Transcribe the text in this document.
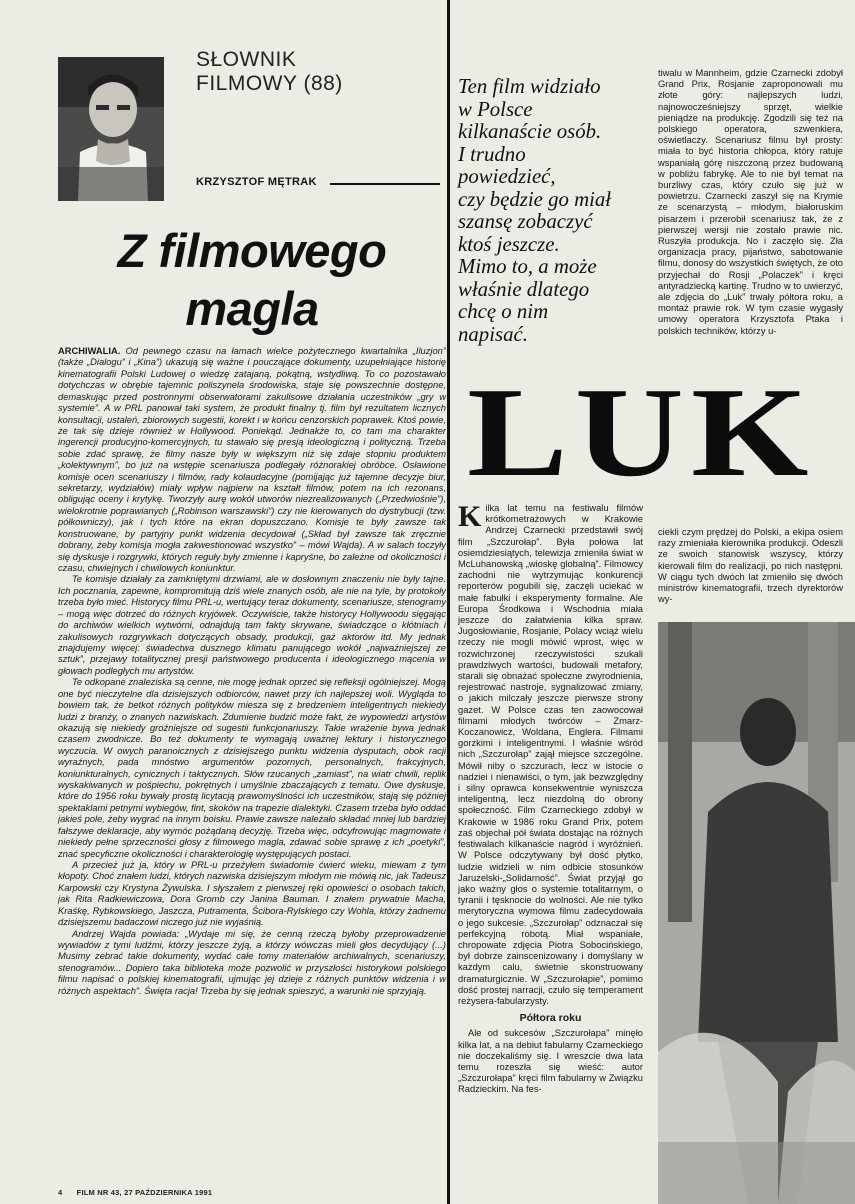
SŁOWNIK
FILMOWY (88)
KRZYSZTOF MĘTRAK
Z filmowego
magla

ARCHIWALIA. Od pewnego czasu na łamach wielce pożytecznego kwartalnika „Iluzjon” (także „Dialogu” i „Kina”) ukazują się ważne i pouczające dokumenty, uzupełniające historię kinematografii Polski Ludowej o wiedzę zatajaną, pokątną, wstydliwą. To co pozostawało dotychczas w obrębie tajemnic poliszynela środowiska, staje się powszechnie dostępne, demaskując przed postronnymi obserwatorami zakulisowe działania uczestników „gry w systemie”. A w PRL panował taki system, że produkt finalny tj. film był rezultatem licznych konsultacji, ustaleń, zbiorowych sugestii, korekt i w końcu cenzorskich poprawek. Ktoś powie, że tak się dzieje również w Hollywood. Poniekąd. Jednakże to, co tam ma charakter ingerencji producyjno-komercyjnych, tu stawało się presją ideologiczną i polityczną. Trzeba sobie zdać sprawę, że filmy nasze były w większym niż się zdaje stopniu produktem „kolektywnym”, bo już na wstępie scenariusza podlegały różnorakiej obróbce. Osławione komisje ocen scenariuszy i filmów, rady kolaudacyjne (pomijając już tajemne decyzje biur, sekretarzy, wydziałów) miały wpływ najpierw na kształt filmów, potem na ich rezonans, obligując oceny i krytykę. Tworzyły aurę wokół utworów niezrealizowanych („Przedwiośnie”), wielokrotnie poprawianych („Robinson warszawski”) czy nie kierowanych do dystrybucji (tzw. półkowniczy), jak i tych które na ekran dopuszczano. Komisje te były zawsze tak konstruowane, by partyjny punkt widzenia decydował („Skład był zawsze tak zręcznie dobrany, żeby komisja mogła zakwestionować wszystko” – mówi Wajda). A w salach toczyły się dyskusje i rozgrywki, których reguły były zmienne i kapryśne, bo zależne od okoliczności i czasu, chwiejnych i chwilowych koniunktur.

Te komisje działały za zamkniętymi drzwiami, ale w dosłownym znaczeniu nie były tajne. Ich pocznania, zapewne, kompromitują dziś wiele znanych osób, ale nie na tyle, by protokoły trzeba było mieć. Historycy filmu PRL-u, wertujący teraz dokumenty, scenariusze, stenogramy – mogą więc dotrzeć do różnych kryjówek. Oczywiście, także historycy Hollywoodu sięgając do archiwów wielkich wytwórni, odnajdują tam fakty skrywane, świadczące o kłótniach i zakulisowych rozgrywkach dotyczących obsady, produkcji, gaż aktorów itd. My jednak znajdujemy więcej: świadectwa dusznego klimatu panującego wokół „najważniejszej ze sztuk”, przejawy totalitycznej presji państwowego producenta i ideologicznego mącenia w głowach podległych mu artystów.

Te odkopane znaleziska są cenne, nie mogę jednak oprzeć się refleksji ogólniejszej. Mogą one być nieczytelne dla dzisiejszych odbiorców, nawet przy ich najlepszej woli. Wygląda to bowiem tak, że betkot różnych polityków miesza się z bredzeniem inteligentnych niekiedy ludzi z branży, o znanych nazwiskach. Zdumienie budzić może fakt, że wypowiedzi artystów okazują się niekiedy groźniejsze od sugestii funkcjonariuszy. Takie wrażenie bywa jednak czasem zwodnicze. Bo też dokumenty te wymagają uważnej lektury i historycznego wyczucia. W owych paranoicznych z dzisiejszego punktu widzenia dysputach, obok racji wyraźnych, pada mnóstwo argumentów pozornych, personalnych, frakcyjnych, koniunkturalnych, cynicznych i taktycznych. Słów rzucanych „zamiast”, na wiatr chwili, replik wyskakiwanych w pośpiechu, pokrętnych i umyślnie zbaczających z tematu. Owe dyskusje, które do 1956 roku bywały prostą licytacją prawomyślności ich uczestników, stają się później spektaklami petnymi wybiegów, fint, skoków na trapezie dialektyki. Czasem trzeba było oddać jakieś pole, żeby wygrać na innym boisku. Prawie zawsze należało składać mniej lub bardziej fałszywe deklaracje, aby wymóc pożądaną decyzję. Trzeba więc, odcyfrowując magmowate i niekiedy pełne sprzeczności głosy z filmowego magla, zdawać sobie sprawę z ich „poetyki”, znać specyficzne okoliczności i charakterologię występujących postaci.

A przecież już ja, który w PRL-u przeżyłem świadomie ćwierć wieku, miewam z tym kłopoty. Choć znałem ludzi, których nazwiska dzisiejszym młodym nie mówią nic, jak Tadeusz Karpowski czy Krystyna Żywulska. I słyszałem z pierwszej ręki opowieści o osobach takich, jak Rita Radkiewiczowa, Dora Gromb czy Janina Bauman. I znałem prywatnie Macha, Kraśkę, Rybkowskiego, Jaszcza, Putramenta, Ścibora-Rylskiego czy Wohla, którzy żadnemu dzisiejszemu badaczowi niczego już nie wyjaśnią.

Andrzej Wajda powiada: „Wydaje mi się, że cenną rzeczą byłoby przeprowadzenie wywiadów z tymi ludźmi, którzy jeszcze żyją, a którzy wówczas mieli głos decydujący (...) Musimy zebrać takie dokumenty, wydać całe tomy materiałów archiwalnych, scenariuszy, stenogramów... Dopiero taka biblioteka może pozwolić w przyszłości historykowi polskiego filmu napisać o polskiej kinematografii, ujmując jej dzieje z różnych punktów widzenia i w różnych aspektach”. Święta racja! Trzeba by się jednak spieszyć, a warunki nie sprzyjają.

Ten film widziało
w Polsce
kilkanaście osób.
I trudno
powiedzieć,
czy będzie go miał
szansę zobaczyć
ktoś jeszcze.
Mimo to, a może
właśnie dlatego
chcę o nim
napisać.
tiwalu w Mannheim, gdzie Czarnecki zdobył Grand Prix, Rosjanie zaproponowali mu złote góry: najlepszych ludzi, najnowocześniejszy sprzęt, wielkie pieniądze na produkcję. Zgodzili się też na polskiego operatora, szwenkiera, oświetlaczy. Scenariusz filmu był prosty: miała to być historia chłopca, który ratuje wspaniałą górę niszczoną przez budowaną w pobliżu fabrykę. Ale to nie był temat na burzliwy czas, który czuło się już w powietrzu. Czarnecki zaszył się na Krymie ze scenarzystą – młodym, białoruskim pisarzem i przerobił scenariusz tak, że z pierwszej wersji nie zostało prawie nic. Ruszyła produkcja. No i zaczęło się. Zła organizacja pracy, pijaństwo, sabotowanie filmu, donosy do wszystkich świętych, że oto przyjechał do Rosji „Polaczek” i kręci antyradziecką kartinę. Trudno w to uwierzyć, ale zdjęcia do „Luk” trwały półtora roku, a montaż prawie rok. W tym czasie wygasły umowy operatora Krzysztofa Ptaka i polskich techników, którzy u-
LUK
Kilka lat temu na festiwalu filmów krótkometrażowych w Krakowie Andrzej Czarnecki przedstawił swój film „Szczurołap”. Była połowa lat osiemdziesiątych, telewizja zmieniła świat w McLuhanowską „wioskę globalną”. Filmowcy zachodni nie wytrzymując konkurencji reporterów pogubili się, zaczęli uciekać w małe fabułki i eksperymenty formalne. Ale Europa Środkowa i Wschodnia miała jeszcze do załatwienia kilka spraw. Jugosłowianie, Rosjanie, Polacy wciąż wielu rzeczy nie mogli mówić wprost, więc w rozwichrzonej rzeczywistości szukali prawdziwych wartości, budowali metafory, starali się obnażać społeczne zwyrodnienia, rejestrować nastroje, sygnalizować zmiany, o jakich milczały jeszcze pierwsze strony gazet. W Polsce czas ten zaowocował filmami młodych twórców – Zmarz-Koczanowicz, Woldana, Englera. Filmami gorzkimi i inteligentnymi. I właśnie wśród nich „Szczurołap” zajął miejsce szczególne. Mówił niby o szczurach, lecz w istocie o nadziei i nienawiści, o tym, jak bezwzględny i silny oprawca konsekwentnie wyniszcza inteligentną, lecz niezdolną do obrony społeczność. Film Czarneckiego zdobył w Krakowie w 1986 roku Grand Prix, potem zaś objechał pół świata dostając na różnych festiwalach kilkanaście nagród i wyróżnień. W Polsce odczytywany był dość płytko, ludzie widzieli w nim odbicie stosunków Jaruzelski-„Solidarność”. Świat przyjął go jako ważny głos o systemie totalitarnym, o tyranii i tęsknocie do wolności. Ale nie tylko merytoryczna wymowa filmu zadecydowała o jego sukcesie. „Szczurołap” odznaczał się perfekcyjną robotą. Miał wspaniałe, chropowate zdjęcia Piotra Sobocińskiego, był dobrze zainscenizowany i domyślany w każdym calu, świetnie skonstruowany dramaturgicznie. W „Szczurołapie”, pomimo dość prostej narracji, czuło się temperament reżysera-fabularzysty.
Półtora roku

Ale od sukcesów „Szczurołapa” minęło kilka lat, a na debiut fabularny Czarneckiego nie doczekaliśmy się. I wreszcie dwa lata temu rozeszła się wieść: autor „Szczurołapa” kręci film fabularny w Związku Radzieckim. Na fes-

ciekli czym prędzej do Polski, a ekipa osiem razy zmieniała kierownika produkcji. Odeszli ze swoich stanowisk wszyscy, którzy kierowali film do realizacji, po nich następni. W ciągu tych dwóch lat zmieniło się dwóch ministrów kinematografii, trzech dyrektorów wy-
4 FILM NR 43, 27 PAŹDZIERNIKA 1991
